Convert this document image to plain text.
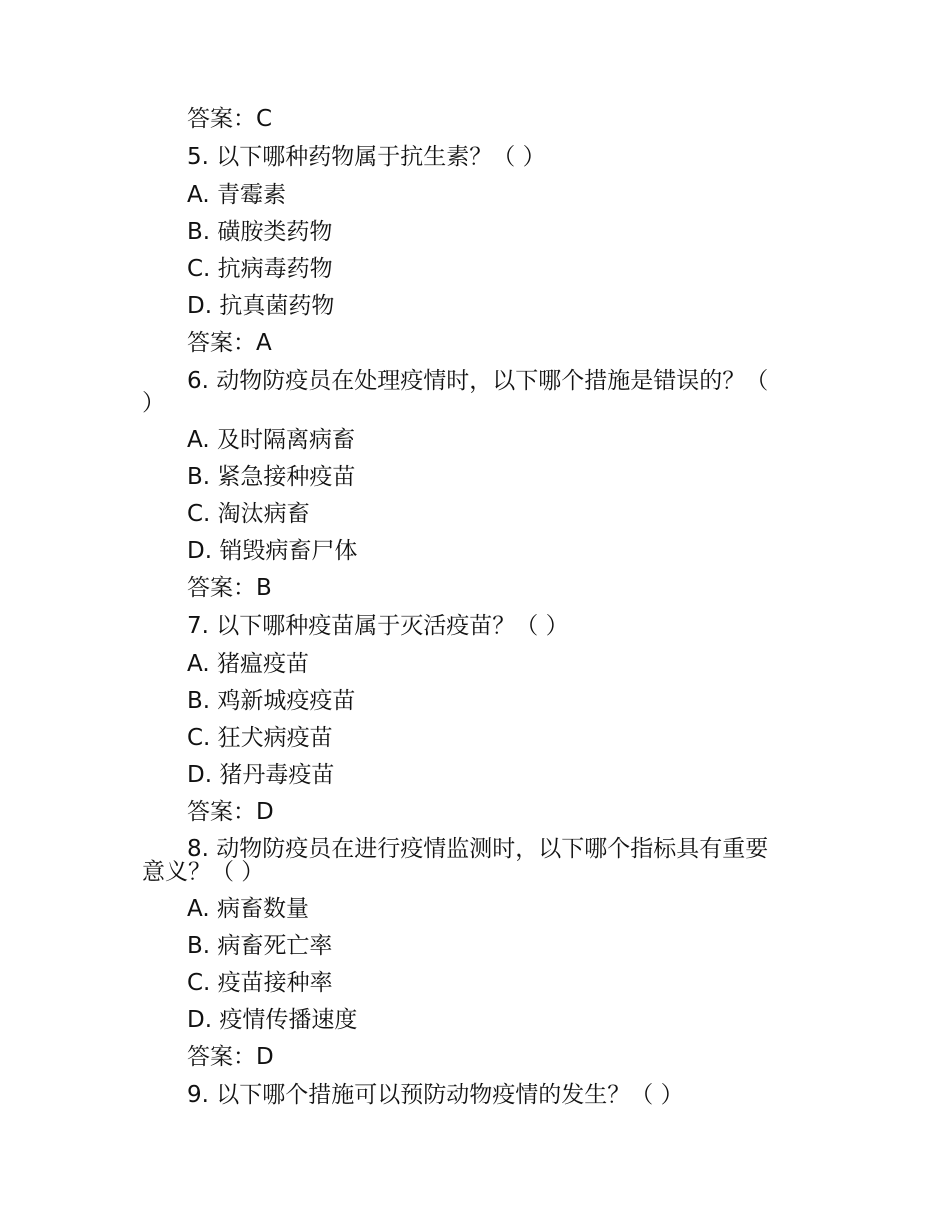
答案：C
5. 以下哪种药物属于抗生素？（ ）
A. 青霉素
B. 磺胺类药物
C. 抗病毒药物
D. 抗真菌药物
答案：A
6. 动物防疫员在处理疫情时，以下哪个措施是错误的？（
）
A. 及时隔离病畜
B. 紧急接种疫苗
C. 淘汰病畜
D. 销毁病畜尸体
答案：B
7. 以下哪种疫苗属于灭活疫苗？（ ）
A. 猪瘟疫苗
B. 鸡新城疫疫苗
C. 狂犬病疫苗
D. 猪丹毒疫苗
答案：D
8. 动物防疫员在进行疫情监测时，以下哪个指标具有重要
意义？（ ）
A. 病畜数量
B. 病畜死亡率
C. 疫苗接种率
D. 疫情传播速度
答案：D
9. 以下哪个措施可以预防动物疫情的发生？（ ）
